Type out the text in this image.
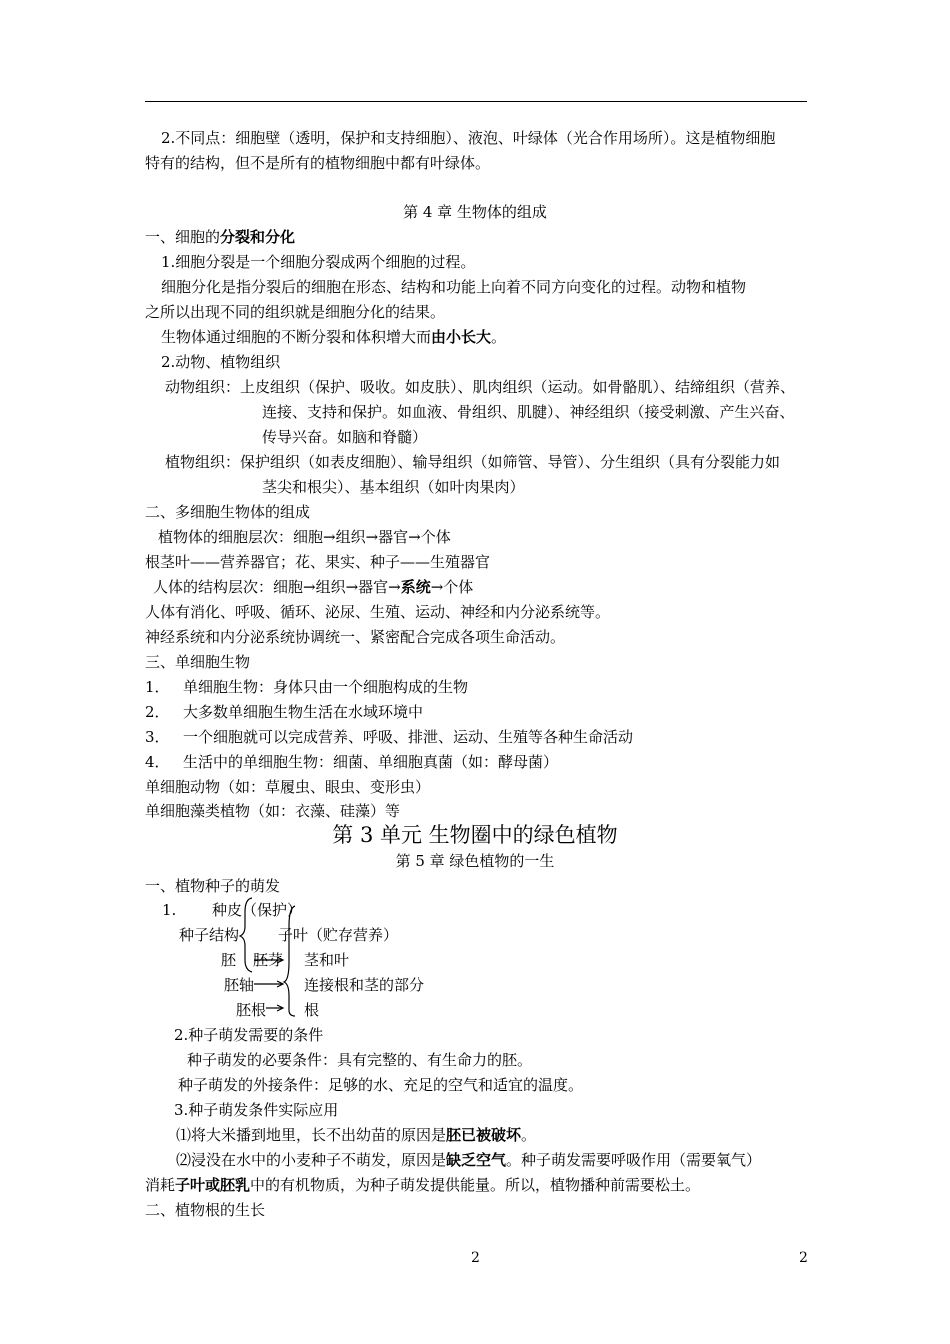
2.不同点：细胞壁（透明，保护和支持细胞）、液泡、叶绿体（光合作用场所）。这是植物细胞
特有的结构，但不是所有的植物细胞中都有叶绿体。
第 4 章 生物体的组成
一、细胞的分裂和分化
1.细胞分裂是一个细胞分裂成两个细胞的过程。
细胞分化是指分裂后的细胞在形态、结构和功能上向着不同方向变化的过程。动物和植物
之所以出现不同的组织就是细胞分化的结果。
生物体通过细胞的不断分裂和体积增大而由小长大。
2.动物、植物组织
动物组织：上皮组织（保护、吸收。如皮肤）、肌肉组织（运动。如骨骼肌）、结缔组织（营养、
连接、支持和保护。如血液、骨组织、肌腱）、神经组织（接受刺激、产生兴奋、
传导兴奋。如脑和脊髓）
植物组织：保护组织（如表皮细胞）、输导组织（如筛管、导管）、分生组织（具有分裂能力如
茎尖和根尖）、基本组织（如叶肉果肉）
二、多细胞生物体的组成
植物体的细胞层次：细胞→组织→器官→个体
根茎叶——营养器官；花、果实、种子——生殖器官
人体的结构层次：细胞→组织→器官→系统→个体
人体有消化、呼吸、循环、泌尿、生殖、运动、神经和内分泌系统等。
神经系统和内分泌系统协调统一、紧密配合完成各项生命活动。
三、单细胞生物
1． 单细胞生物：身体只由一个细胞构成的生物
2． 大多数单细胞生物生活在水域环境中
3． 一个细胞就可以完成营养、呼吸、排泄、运动、生殖等各种生命活动
4． 生活中的单细胞生物：细菌、单细胞真菌（如：酵母菌）
单细胞动物（如：草履虫、眼虫、变形虫）
单细胞藻类植物（如：衣藻、硅藻）等
第 3 单元 生物圈中的绿色植物
第 5 章 绿色植物的一生
一、植物种子的萌发
1. 种皮（保护）
种子结构	子叶（贮存营养）
胚 胚芽 茎和叶
胚轴	连接根和茎的部分
胚根	根
2.种子萌发需要的条件
种子萌发的必要条件：具有完整的、有生命力的胚。
种子萌发的外接条件：足够的水、充足的空气和适宜的温度。
3.种子萌发条件实际应用
⑴将大米播到地里，长不出幼苗的原因是胚已被破坏。
⑵浸没在水中的小麦种子不萌发，原因是缺乏空气。种子萌发需要呼吸作用（需要氧气）
消耗子叶或胚乳中的有机物质，为种子萌发提供能量。所以，植物播种前需要松土。
二、植物根的生长
2	2
